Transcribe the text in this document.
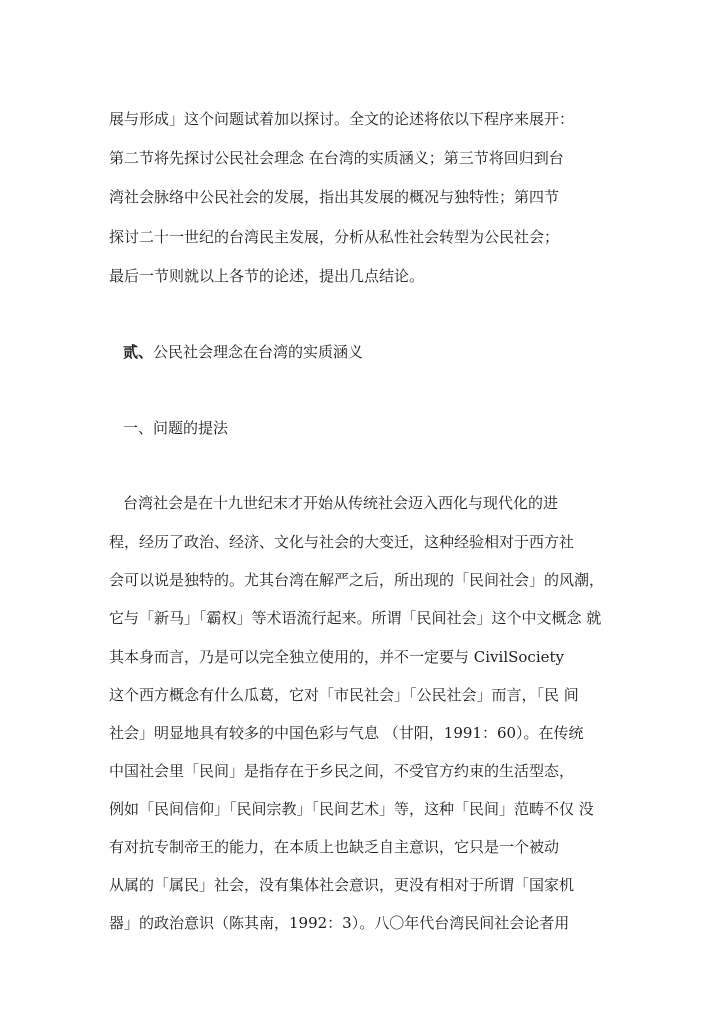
展与形成」这个问题试着加以探讨。全文的论述将依以下程序来展开：
第二节将先探讨公民社会理念 在台湾的实质涵义；第三节将回归到台
湾社会脉络中公民社会的发展，指出其发展的概况与独特性；第四节
探讨二十一世纪的台湾民主发展，分析从私性社会转型为公民社会；
最后一节则就以上各节的论述，提出几点结论。
贰、公民社会理念在台湾的实质涵义
一、问题的提法
台湾社会是在十九世纪末才开始从传统社会迈入西化与现代化的进
程，经历了政治、经济、文化与社会的大变迁，这种经验相对于西方社
会可以说是独特的。尤其台湾在解严之后，所出现的「民间社会」的风潮，
它与「新马」「霸权」等术语流行起来。所谓「民间社会」这个中文概念 就
其本身而言，乃是可以完全独立使用的，并不一定要与 CivilSociety
这个西方概念有什么瓜葛，它对「市民社会」「公民社会」而言，「民 间
社会」明显地具有较多的中国色彩与气息 （甘阳，1991：60）。在传统
中国社会里「民间」是指存在于乡民之间，不受官方约束的生活型态，
例如「民间信仰」「民间宗教」「民间艺术」等，这种「民间」范畴不仅 没
有对抗专制帝王的能力，在本质上也缺乏自主意识，它只是一个被动
从属的「属民」社会，没有集体社会意识，更没有相对于所谓「国家机
器」的政治意识（陈其南，1992：3）。八〇年代台湾民间社会论者用
